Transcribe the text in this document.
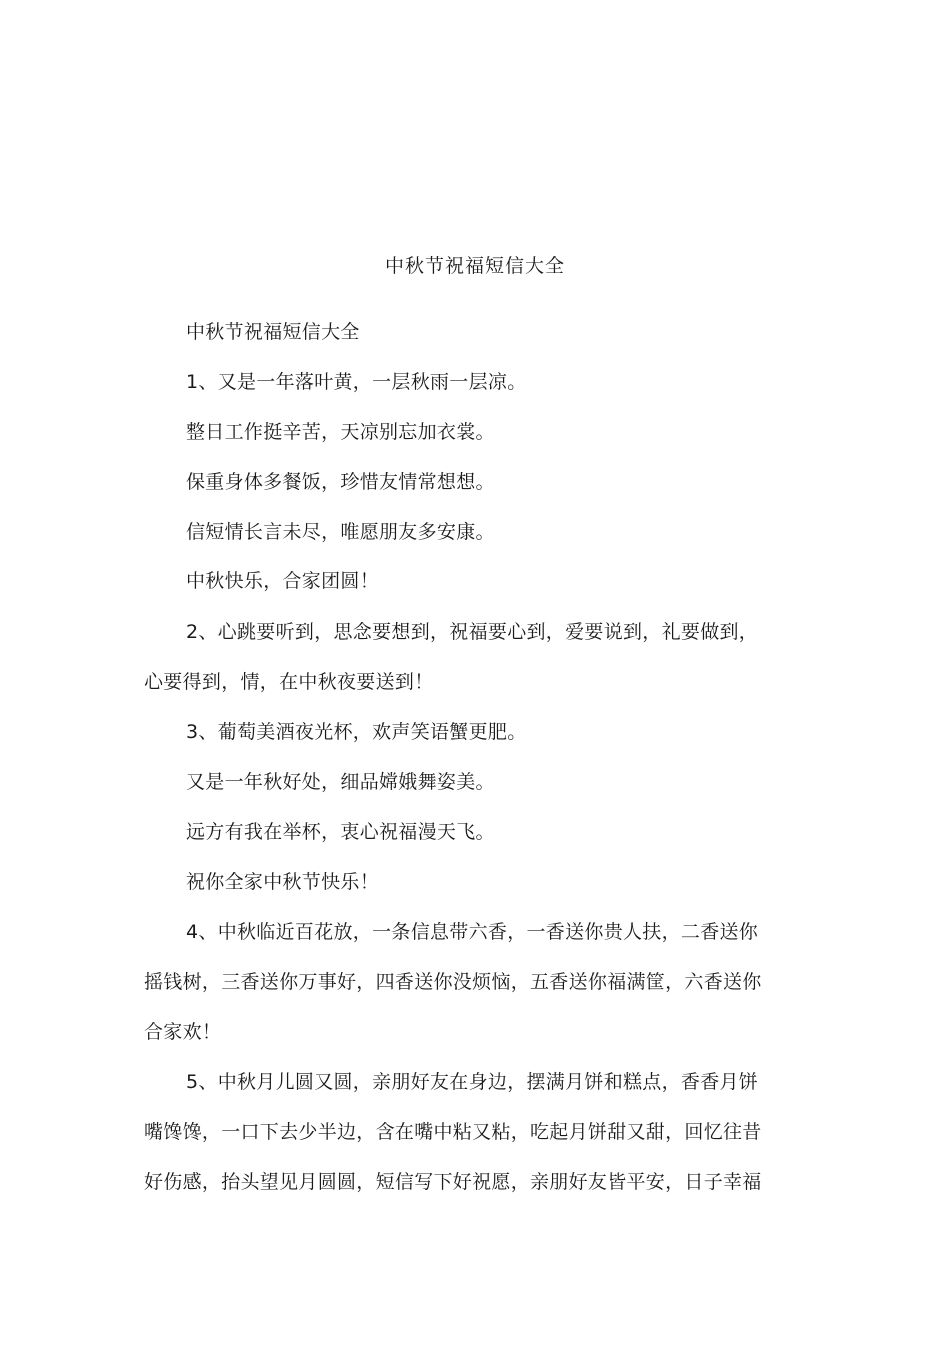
中秋节祝福短信大全
中秋节祝福短信大全
1、又是一年落叶黄，一层秋雨一层凉。
整日工作挺辛苦，天凉别忘加衣裳。
保重身体多餐饭，珍惜友情常想想。
信短情长言未尽，唯愿朋友多安康。
中秋快乐，合家团圆！
2、心跳要听到，思念要想到，祝福要心到，爱要说到，礼要做到，
心要得到，情，在中秋夜要送到！
3、葡萄美酒夜光杯，欢声笑语蟹更肥。
又是一年秋好处，细品嫦娥舞姿美。
远方有我在举杯，衷心祝福漫天飞。
祝你全家中秋节快乐！
4、中秋临近百花放，一条信息带六香，一香送你贵人扶，二香送你
摇钱树，三香送你万事好，四香送你没烦恼，五香送你福满筐，六香送你
合家欢！
5、中秋月儿圆又圆，亲朋好友在身边，摆满月饼和糕点，香香月饼
嘴馋馋，一口下去少半边，含在嘴中粘又粘，吃起月饼甜又甜，回忆往昔
好伤感，抬头望见月圆圆，短信写下好祝愿，亲朋好友皆平安，日子幸福
